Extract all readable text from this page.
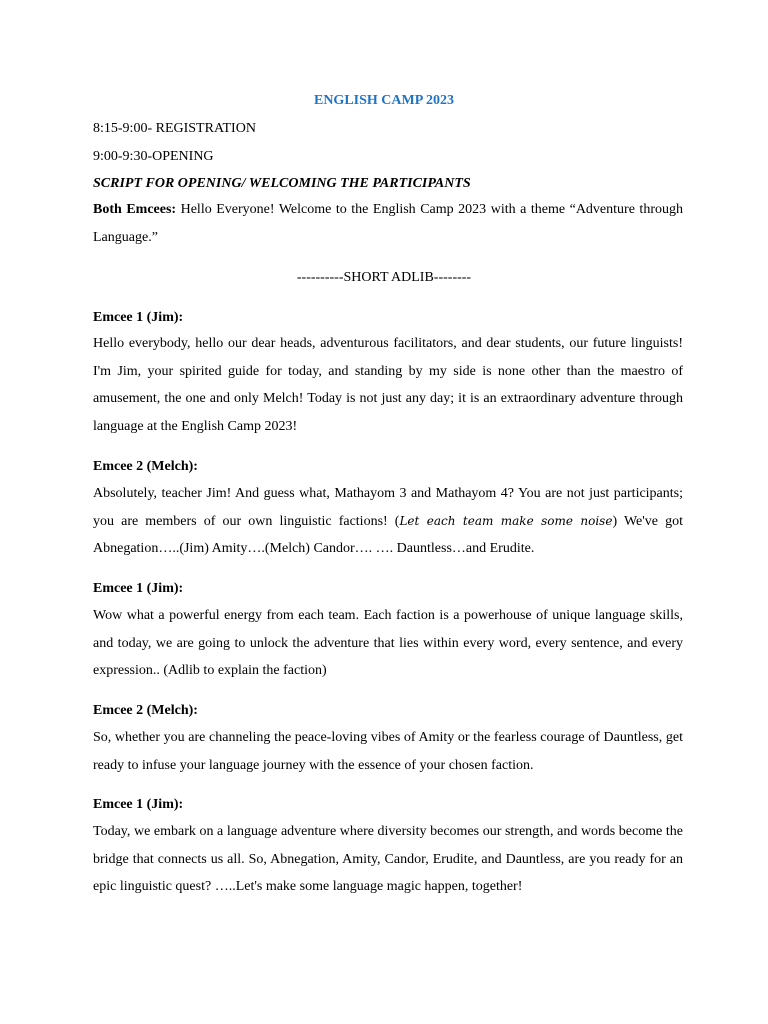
ENGLISH CAMP 2023
8:15-9:00- REGISTRATION
9:00-9:30-OPENING
SCRIPT FOR OPENING/ WELCOMING THE PARTICIPANTS

Both Emcees: Hello Everyone! Welcome to the English Camp 2023 with a theme “Adventure through Language.”

----------SHORT ADLIB--------
Emcee 1 (Jim):

Hello everybody, hello our dear heads, adventurous facilitators, and dear students, our future linguists! I'm Jim, your spirited guide for today, and standing by my side is none other than the maestro of amusement, the one and only Melch! Today is not just any day; it is an extraordinary adventure through language at the English Camp 2023!

Emcee 2 (Melch):

Absolutely, teacher Jim! And guess what, Mathayom 3 and Mathayom 4? You are not just participants; you are members of our own linguistic factions! (Let each team make some noise) We've got Abnegation…..(Jim) Amity….(Melch) Candor…. …. Dauntless…and Erudite.

Emcee 1 (Jim):

Wow what a powerful energy from each team. Each faction is a powerhouse of unique language skills, and today, we are going to unlock the adventure that lies within every word, every sentence, and every expression.. (Adlib to explain the faction)

Emcee 2 (Melch):

So, whether you are channeling the peace-loving vibes of Amity or the fearless courage of Dauntless, get ready to infuse your language journey with the essence of your chosen faction.

Emcee 1 (Jim):

Today, we embark on a language adventure where diversity becomes our strength, and words become the bridge that connects us all. So, Abnegation, Amity, Candor, Erudite, and Dauntless, are you ready for an epic linguistic quest? …..Let's make some language magic happen, together!
